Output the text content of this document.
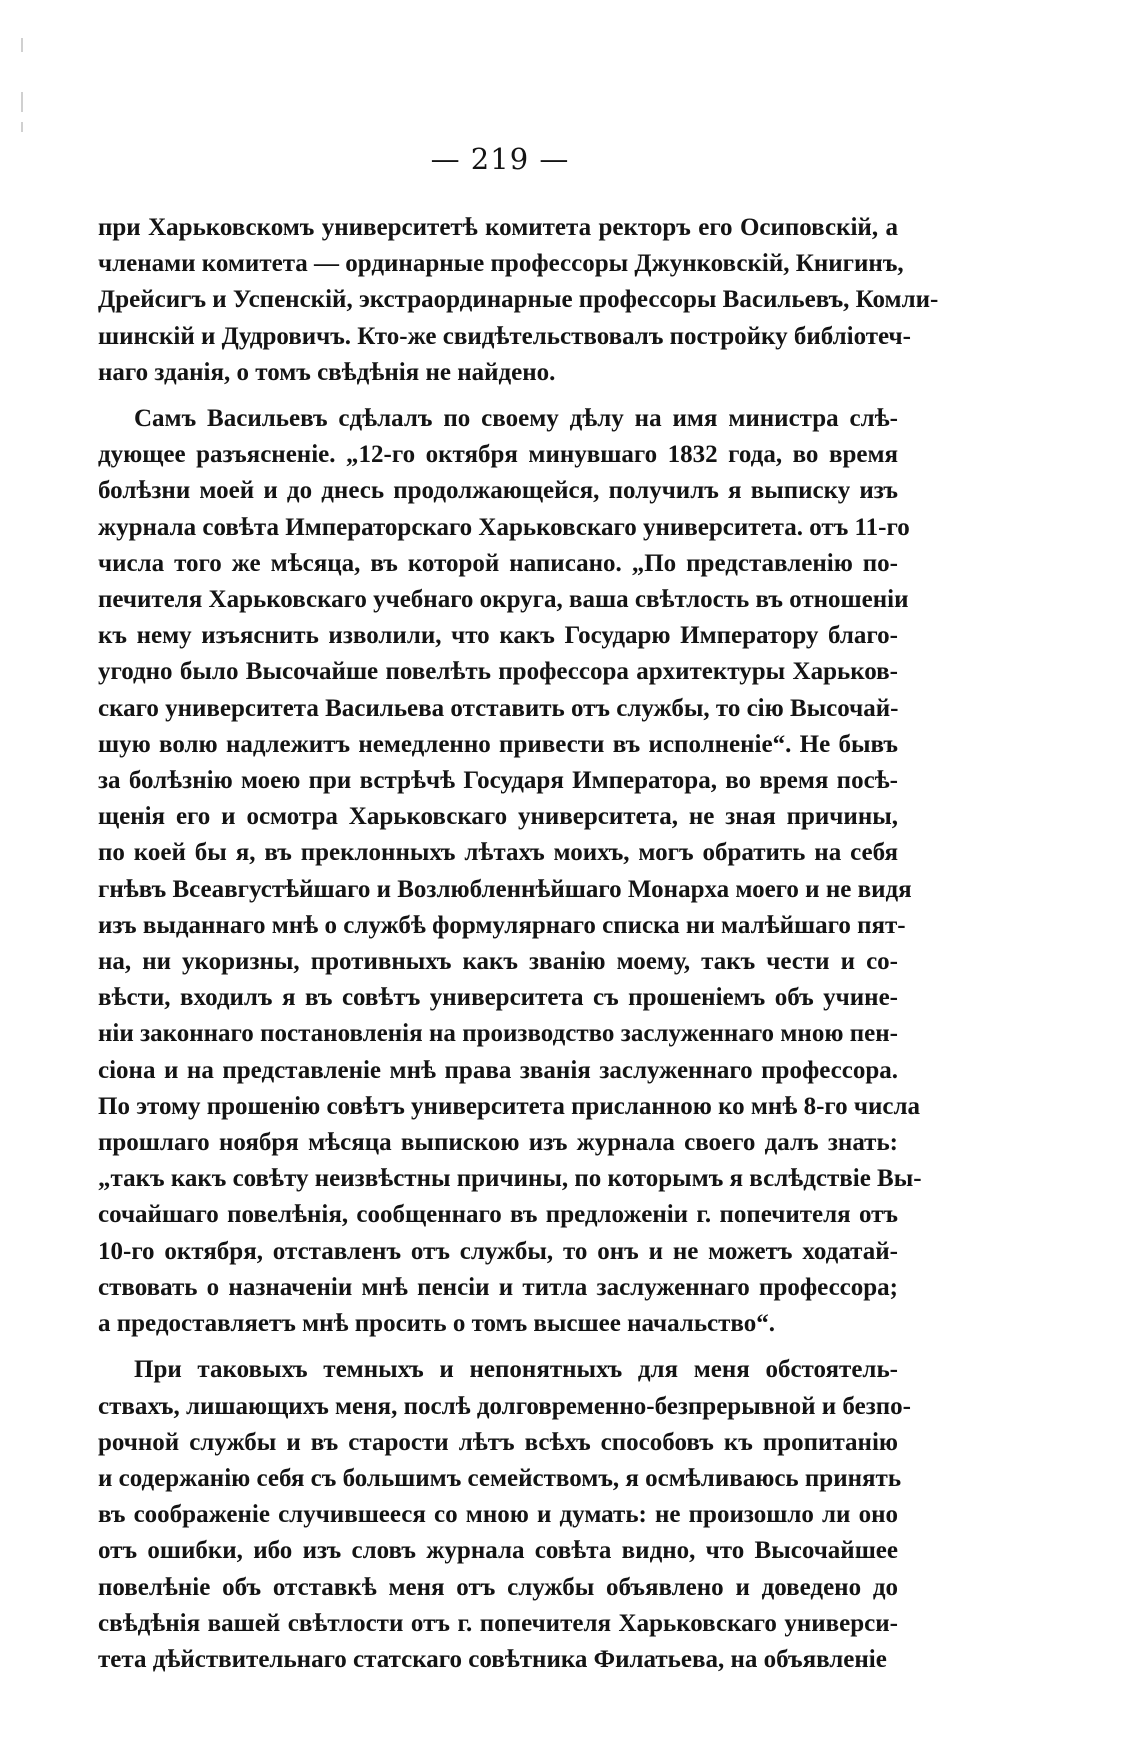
— 219 —
при Харьковскомъ университетѣ комитета ректоръ его Осиповскій, а
членами комитета — ординарные профессоры Джунковскій, Книгинъ,
Дрейсигъ и Успенскій, экстраординарные профессоры Васильевъ, Комли-
шинскій и Дудровичъ. Кто-же свидѣтельствовалъ постройку библіотеч-
наго зданія, о томъ свѣдѣнія не найдено.
Самъ Васильевъ сдѣлалъ по своему дѣлу на имя министра слѣ-
дующее разъясненіе. „12-го октября минувшаго 1832 года, во время
болѣзни моей и до днесь продолжающейся, получилъ я выписку изъ
журнала совѣта Императорскаго Харьковскаго университета. отъ 11-го
числа того же мѣсяца, въ которой написано. „По представленію по-
печителя Харьковскаго учебнаго округа, ваша свѣтлость въ отношеніи
къ нему изъяснить изволили, что какъ Государю Императору благо-
угодно было Высочайше повелѣть профессора архитектуры Харьков-
скаго университета Васильева отставить отъ службы, то сію Высочай-
шую волю надлежитъ немедленно привести въ исполненіе“. Не бывъ
за болѣзнію моею при встрѣчѣ Государя Императора, во время посѣ-
щенія его и осмотра Харьковскаго университета, не зная причины,
по коей бы я, въ преклонныхъ лѣтахъ моихъ, могъ обратить на себя
гнѣвъ Всеавгустѣйшаго и Возлюбленнѣйшаго Монарха моего и не видя
изъ выданнаго мнѣ о службѣ формулярнаго списка ни малѣйшаго пят-
на, ни укоризны, противныхъ какъ званію моему, такъ чести и со-
вѣсти, входилъ я въ совѣтъ университета съ прошеніемъ объ учине-
ніи законнаго постановленія на производство заслуженнаго мною пен-
сіона и на представленіе мнѣ права званія заслуженнаго профессора.
По этому прошенію совѣтъ университета присланною ко мнѣ 8-го числа
прошлаго ноября мѣсяца выпискою изъ журнала своего далъ знать:
„такъ какъ совѣту неизвѣстны причины, по которымъ я вслѣдствіе Вы-
сочайшаго повелѣнія, сообщеннаго въ предложеніи г. попечителя отъ
10-го октября, отставленъ отъ службы, то онъ и не можетъ ходатай-
ствовать о назначеніи мнѣ пенсіи и титла заслуженнаго профессора;
а предоставляетъ мнѣ просить о томъ высшее начальство“.
При таковыхъ темныхъ и непонятныхъ для меня обстоятель-
ствахъ, лишающихъ меня, послѣ долговременно-безпрерывной и безпо-
рочной службы и въ старости лѣтъ всѣхъ способовъ къ пропитанію
и содержанію себя съ большимъ семействомъ, я осмѣливаюсь принять
въ соображеніе случившееся со мною и думать: не произошло ли оно
отъ ошибки, ибо изъ словъ журнала совѣта видно, что Высочайшее
повелѣніе объ отставкѣ меня отъ службы объявлено и доведено до
свѣдѣнія вашей свѣтлости отъ г. попечителя Харьковскаго универси-
тета дѣйствительнаго статскаго совѣтника Филатьева, на объявленіе
